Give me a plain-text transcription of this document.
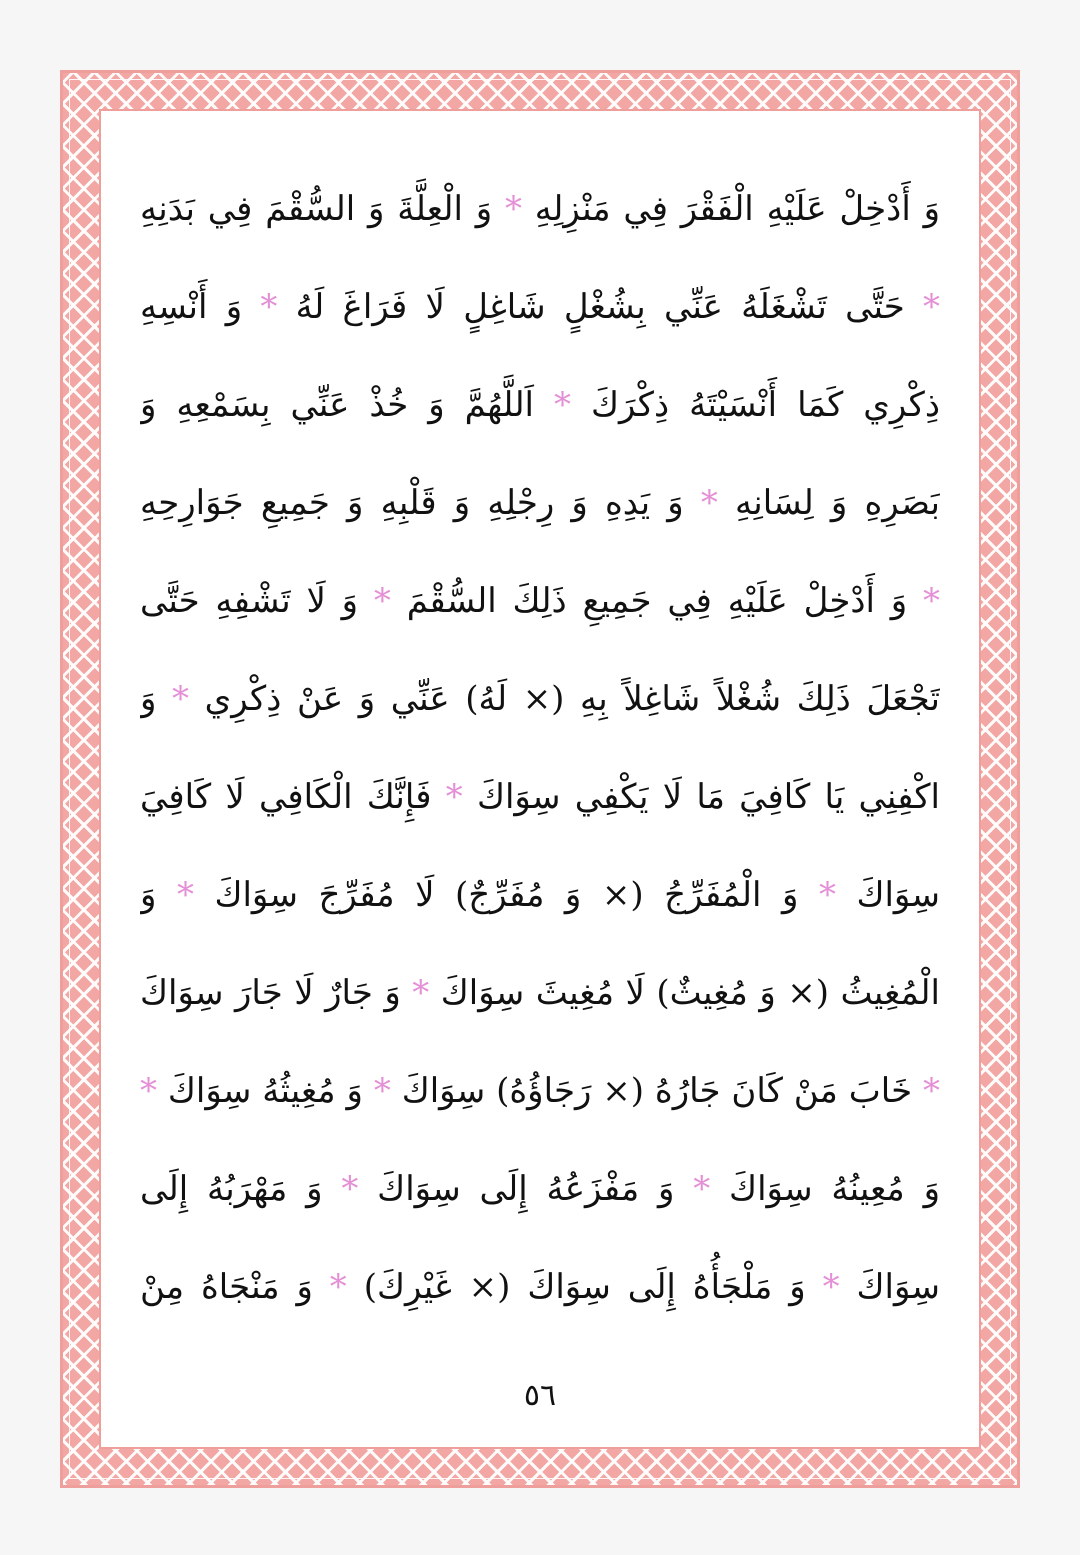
وَ أَدْخِلْ عَلَيْهِ الْفَقْرَ فِي مَنْزِلِهِ * وَ الْعِلَّةَ وَ السُّقْمَ فِي بَدَنِهِ
* حَتَّى تَشْغَلَهُ عَنِّي بِشُغْلٍ شَاغِلٍ لَا فَرَاغَ لَهُ * وَ أَنْسِهِ
ذِكْرِي كَمَا أَنْسَيْتَهُ ذِكْرَكَ * اَللَّهُمَّ وَ خُذْ عَنِّي بِسَمْعِهِ وَ
بَصَرِهِ وَ لِسَانِهِ * وَ يَدِهِ وَ رِجْلِهِ وَ قَلْبِهِ وَ جَمِيعِ جَوَارِحِهِ
* وَ أَدْخِلْ عَلَيْهِ فِي جَمِيعِ ذَلِكَ السُّقْمَ * وَ لَا تَشْفِهِ حَتَّى
تَجْعَلَ ذَلِكَ شُغْلاً شَاغِلاً بِهِ (× لَهُ) عَنِّي وَ عَنْ ذِكْرِي * وَ
اكْفِنِي يَا كَافِيَ مَا لَا يَكْفِي سِوَاكَ * فَإِنَّكَ الْكَافِي لَا كَافِيَ
سِوَاكَ * وَ الْمُفَرِّجُ (× وَ مُفَرِّجٌ) لَا مُفَرِّجَ سِوَاكَ * وَ
الْمُغِيثُ (× وَ مُغِيثٌ) لَا مُغِيثَ سِوَاكَ * وَ جَارٌ لَا جَارَ سِوَاكَ
* خَابَ مَنْ كَانَ جَارُهُ (× رَجَاؤُهُ) سِوَاكَ * وَ مُغِيثُهُ سِوَاكَ *
وَ مُعِينُهُ سِوَاكَ * وَ مَفْزَعُهُ إِلَى سِوَاكَ * وَ مَهْرَبُهُ إِلَى
سِوَاكَ * وَ مَلْجَأُهُ إِلَى سِوَاكَ (× غَيْرِكَ) * وَ مَنْجَاهُ مِنْ
٥٦
